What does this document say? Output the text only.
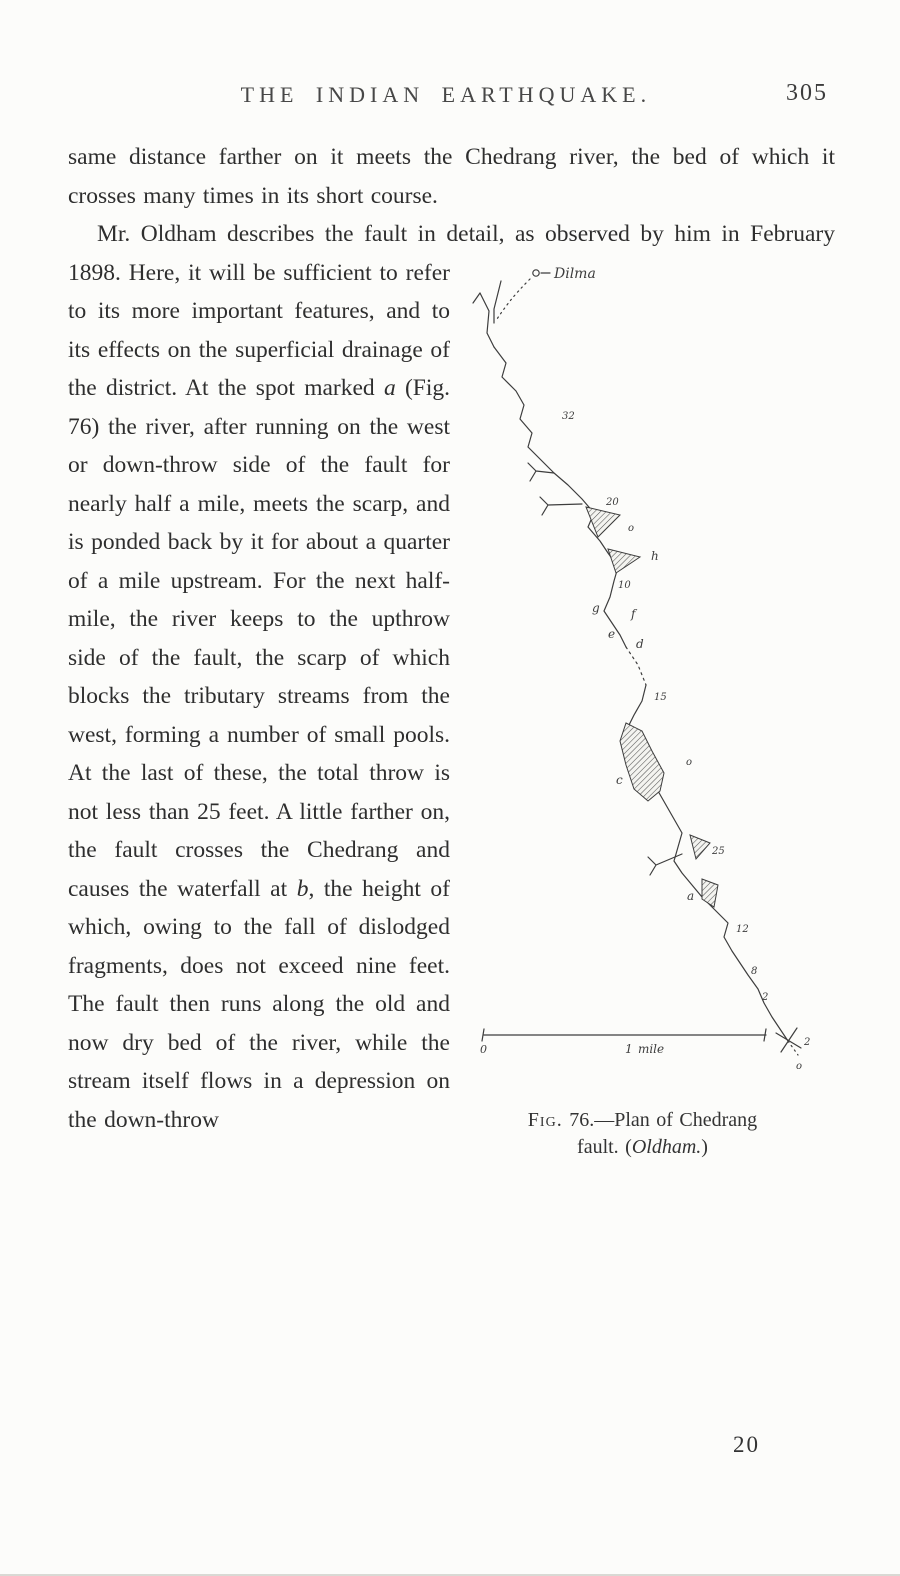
THE INDIAN EARTHQUAKE.	305

same distance farther on it meets the Chedrang river, the bed of which it crosses many times in its short course.

Dilma
32
20
o
h
10
g	f
e
d
15
o
c
25
a
12
8
2
2
o
0	1 mile
Fig. 76.—Plan of Chedrang
fault. (Oldham.)
Mr. Oldham describes the fault in detail, as observed by him in February 1898. Here, it will be sufficient to refer to its more important features, and to its effects on the superficial drainage of the district. At the spot marked a (Fig. 76) the river, after running on the west or down-throw side of the fault for nearly half a mile, meets the scarp, and is ponded back by it for about a quarter of a mile upstream. For the next half-mile, the river keeps to the upthrow side of the fault, the scarp of which blocks the tributary streams from the west, forming a number of small pools. At the last of these, the total throw is not less than 25 feet. A little farther on, the fault crosses the Chedrang and causes the waterfall at b, the height of which, owing to the fall of dislodged fragments, does not exceed nine feet. The fault then runs along the old and now dry bed of the river, while the stream itself flows in a depression on the down-throw

20
